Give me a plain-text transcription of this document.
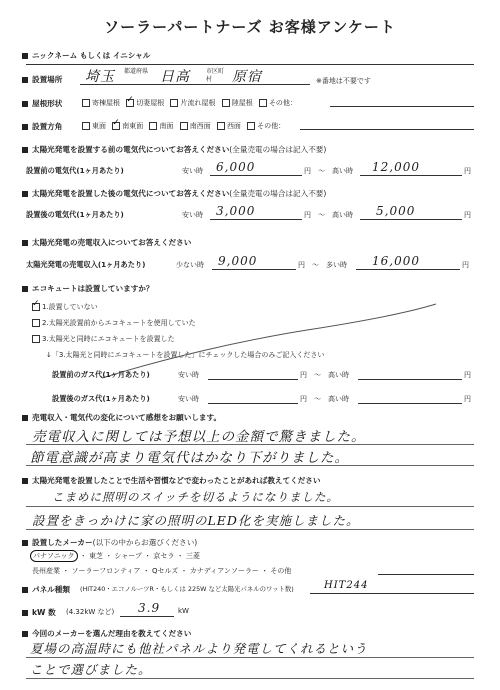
ソーラーパートナーズ お客様アンケート
ニックネーム もしくは イニシャル
設置場所 埼玉 都道府県 日高	市区町村	原宿	※番地は不要です
屋根形状	寄棟屋根 ✓ 切妻屋根 片流れ屋根 陸屋根 その他：
設置方角	東面 ✓ 南東面 南面 南西面 西面 その他：
太陽光発電を設置する前の電気代についてお答えください(全量売電の場合は記入不要)
設置前の電気代(1ヶ月あたり)	安い時 6,000	円 〜 高い時 12,000	円
太陽光発電を設置した後の電気代についてお答えください(全量売電の場合は記入不要)
設置後の電気代(1ヶ月あたり)	安い時 3,000	円 〜 高い時 5,000	円
太陽光発電の売電収入についてお答えください
太陽光発電の売電収入(1ヶ月あたり)	少ない時 9,000	円 〜 多い時 16,000	円
エコキュートは設置していますか？
✓1.設置していない
2.太陽光設置前からエコキュートを使用していた
3.太陽光と同時にエコキュートを設置した
↓「3.太陽光と同時にエコキュートを設置した」にチェックした場合のみご記入ください
設置前のガス代(1ヶ月あたり)	安い時	円 〜 高い時	円
設置後のガス代(1ヶ月あたり)	安い時	円 〜 高い時	円
売電収入・電気代の変化について感想をお願いします。
売電収入に関しては予想以上の金額で驚きました。
節電意識が高まり電気代はかなり下がりました。
太陽光発電を設置したことで生活や習慣などで変わったことがあれば教えてください
こまめに照明のスイッチを切るようになりました。
設置をきっかけに家の照明のLED化を実施しました。
設置したメーカー(以下の中からお選びください)
パナソニック ・ 東芝 ・ シャープ ・ 京セラ ・ 三菱
長州産業 ・ ソーラーフロンティア ・ Qセルズ ・ カナディアンソーラー ・ その他
パネル種類 (HIT240・エコノルーツR・もしくは 225W など太陽光パネルのワット数)	HIT244
kW 数 (4.32kW など) 3.9	kW
今回のメーカーを選んだ理由を教えてください
夏場の高温時にも他社パネルより発電してくれるという
ことで選びました。
